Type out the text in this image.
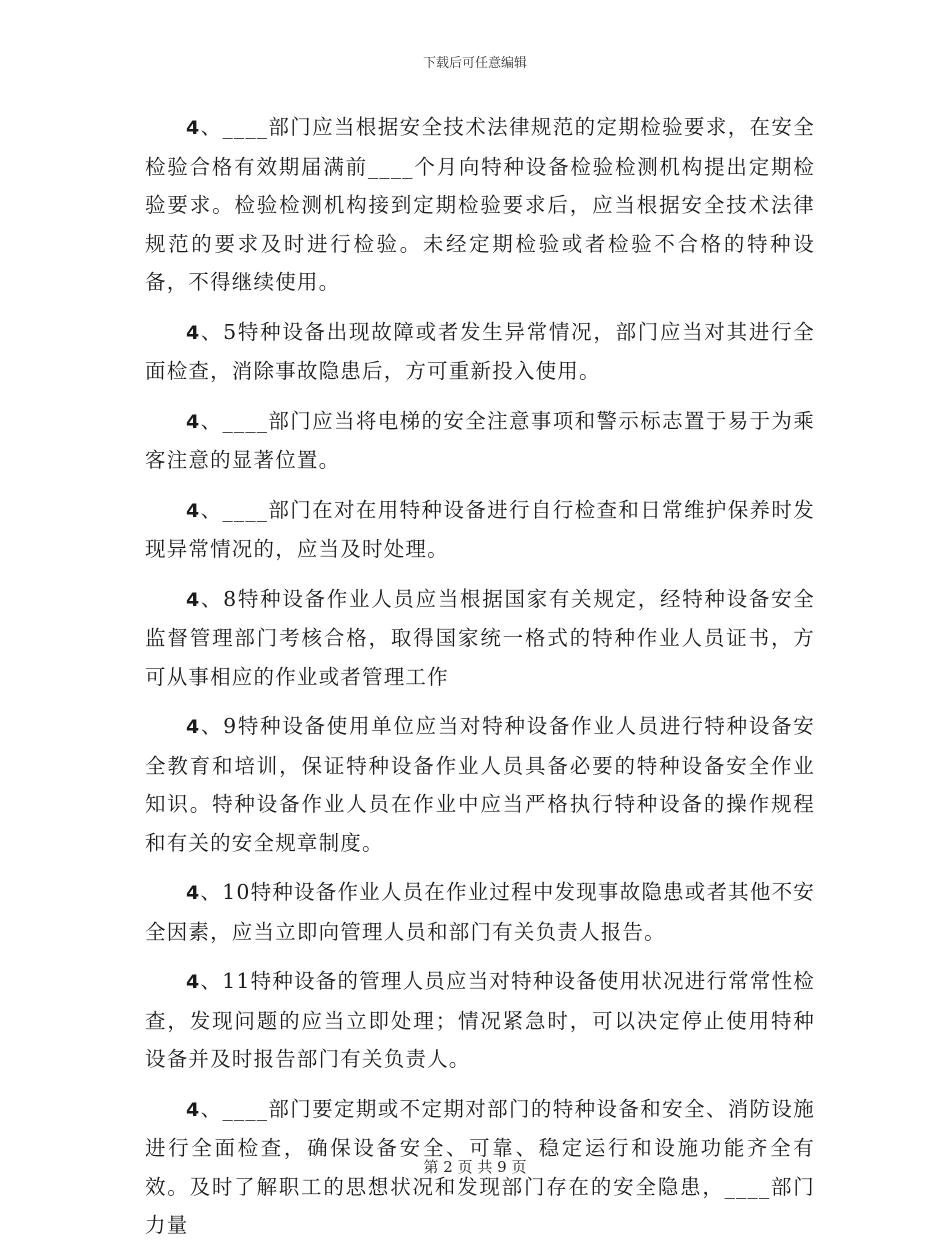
下载后可任意编辑

4、____部门应当根据安全技术法律规范的定期检验要求，在安全检验合格有效期届满前____个月向特种设备检验检测机构提出定期检验要求。检验检测机构接到定期检验要求后，应当根据安全技术法律规范的要求及时进行检验。未经定期检验或者检验不合格的特种设备，不得继续使用。

4、5特种设备出现故障或者发生异常情况，部门应当对其进行全面检查，消除事故隐患后，方可重新投入使用。

4、____部门应当将电梯的安全注意事项和警示标志置于易于为乘客注意的显著位置。

4、____部门在对在用特种设备进行自行检查和日常维护保养时发现异常情况的，应当及时处理。

4、8特种设备作业人员应当根据国家有关规定，经特种设备安全监督管理部门考核合格，取得国家统一格式的特种作业人员证书，方可从事相应的作业或者管理工作

4、9特种设备使用单位应当对特种设备作业人员进行特种设备安全教育和培训，保证特种设备作业人员具备必要的特种设备安全作业知识。特种设备作业人员在作业中应当严格执行特种设备的操作规程和有关的安全规章制度。

4、10特种设备作业人员在作业过程中发现事故隐患或者其他不安全因素，应当立即向管理人员和部门有关负责人报告。

4、11特种设备的管理人员应当对特种设备使用状况进行常常性检查，发现问题的应当立即处理；情况紧急时，可以决定停止使用特种设备并及时报告部门有关负责人。

4、____部门要定期或不定期对部门的特种设备和安全、消防设施进行全面检查，确保设备安全、可靠、稳定运行和设施功能齐全有效。及时了解职工的思想状况和发现部门存在的安全隐患，____部门力量

第 2 页 共 9 页
